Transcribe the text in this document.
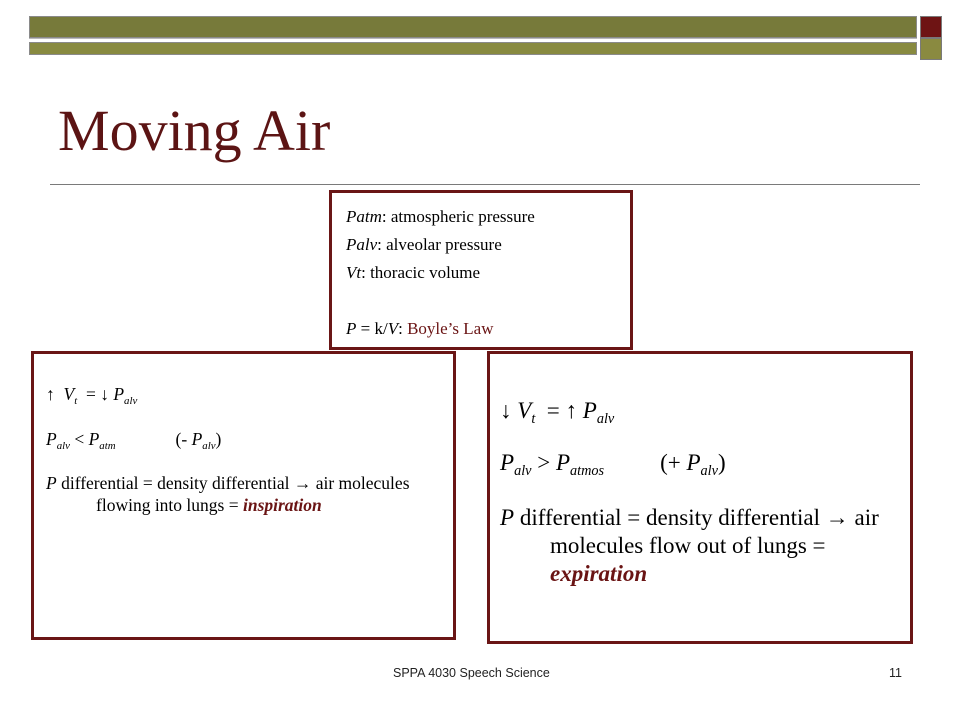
Moving Air
Patm: atmospheric pressure
Palv: alveolar pressure
Vt: thoracic volume
P = k/V: Boyle’s Law
↑ $V_t$ = ↓ $P_{alv}$
$P_{alv} < P_{atm}$	(- $P_{alv}$)
P differential = density differential → air molecules flowing into lungs = inspiration
↓ $V_t$ = ↑ $P_{alv}$
$P_{alv} > P_{atmos}$ (+ $P_{alv}$)
P differential = density differential → air molecules flow out of lungs = expiration
SPPA 4030 Speech Science	11
